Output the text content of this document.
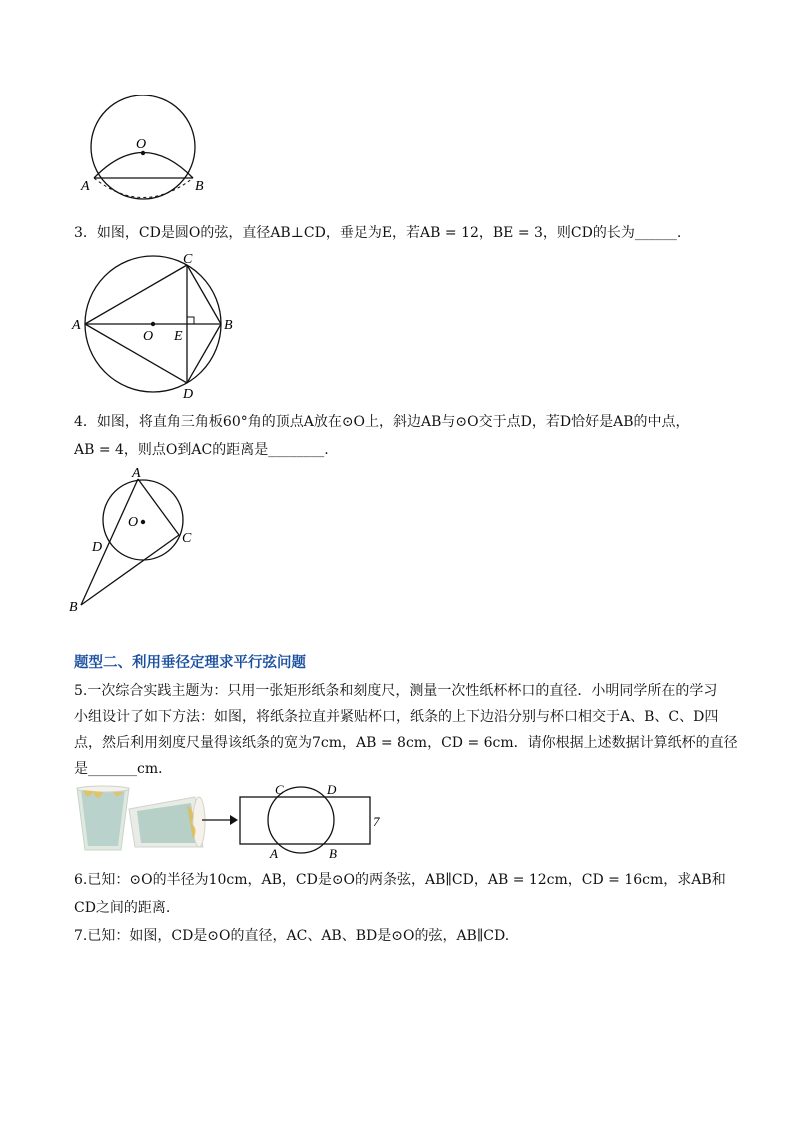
O
A	B
3．如图，CD是圆O的弦，直径AB⊥CD，垂足为E，若AB = 12，BE = 3，则CD的长为______.
C
A	B
O E
D
4．如图，将直角三角板60°角的顶点A放在⊙O上，斜边AB与⊙O交于点D，若D恰好是AB的中点，
AB = 4，则点O到AC的距离是________.
A
O
C
D
B
题型二、利用垂径定理求平行弦问题
5.一次综合实践主题为：只用一张矩形纸条和刻度尺，测量一次性纸杯杯口的直径．小明同学所在的学习
小组设计了如下方法：如图，将纸条拉直并紧贴杯口，纸条的上下边沿分别与杯口相交于A、B、C、D四
点，然后利用刻度尺量得该纸条的宽为7cm，AB = 8cm，CD = 6cm．请你根据上述数据计算纸杯的直径
是_______cm．
C	D
A	B
7
6.已知：⊙O的半径为10cm，AB，CD是⊙O的两条弦，AB∥CD，AB = 12cm，CD = 16cm，求AB和
CD之间的距离.
7.已知：如图，CD是⊙O的直径，AC、AB、BD是⊙O的弦，AB∥CD.
